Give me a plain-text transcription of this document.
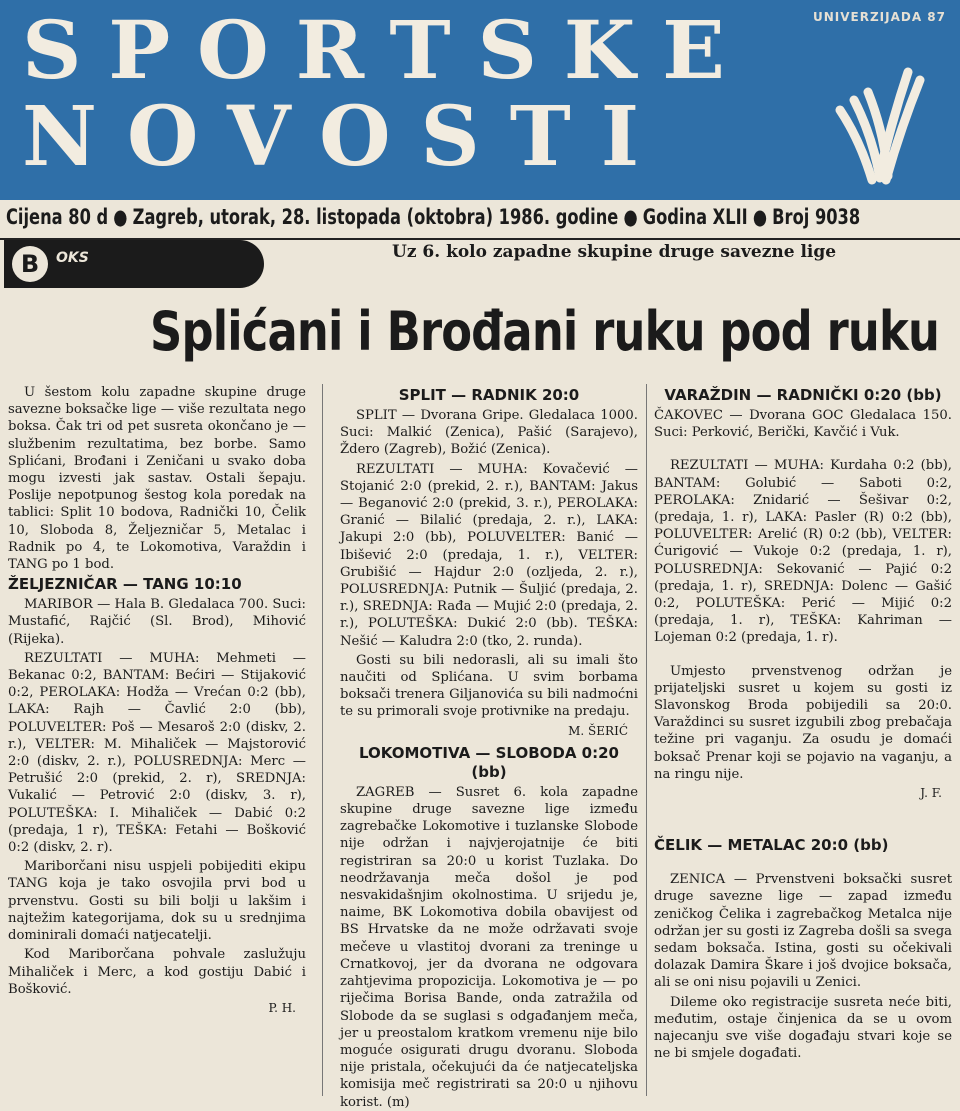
SPORTSKE
NOVOSTI
UNIVERZIJADA 87
Cijena 80 d ● Zagreb, utorak, 28. listopada (oktobra) 1986. godine ● Godina XLII ● Broj 9038
B	OKS	Uz 6. kolo zapadne skupine druge savezne lige
Splićani i Brođani ruku pod ruku

U šestom kolu zapadne skupine druge savezne boksačke lige — više rezultata nego boksa. Čak tri od pet susreta okončano je — službenim rezultatima, bez borbe. Samo Splićani, Brođani i Zeničani u svako doba mogu izvesti jak sastav. Ostali šepaju. Poslije nepotpunog šestog kola poredak na tablici: Split 10 bodova, Radnički 10, Čelik 10, Sloboda 8, Željezničar 5, Metalac i Radnik po 4, te Lokomotiva, Varaždin i TANG po 1 bod.

ŽELJEZNIČAR — TANG 10:10

MARIBOR — Hala B. Gledalaca 700. Suci: Mustafić, Rajčić (Sl. Brod), Mihović (Rijeka).

REZULTATI — MUHA: Mehmeti — Bekanac 0:2, BANTAM: Bećiri — Stijaković 0:2, PEROLAKA: Hodža — Vrećan 0:2 (bb), LAKA: Rajh — Čavlić 2:0 (bb), POLUVELTER: Poš — Mesaroš 2:0 (diskv, 2. r.), VELTER: M. Mihaliček — Majstorović 2:0 (diskv, 2. r.), POLUSREDNJA: Merc — Petrušić 2:0 (prekid, 2. r), SREDNJA: Vukalić — Petrović 2:0 (diskv, 3. r), POLUTEŠKA: I. Mihaliček — Dabić 0:2 (predaja, 1 r), TEŠKA: Fetahi — Bošković 0:2 (diskv, 2. r).

Mariborčani nisu uspjeli pobijediti ekipu TANG koja je tako osvojila prvi bod u prvenstvu. Gosti su bili bolji u lakšim i najtežim kategorijama, dok su u srednjima dominirali domaći natjecatelji.

Kod Mariborčana pohvale zaslužuju Mihaliček i Merc, a kod gostiju Dabić i Bošković.

P. H.
SPLIT — RADNIK 20:0

SPLIT — Dvorana Gripe. Gledalaca 1000. Suci: Malkić (Zenica), Pašić (Sarajevo), Ždero (Zagreb), Božić (Zenica).

REZULTATI — MUHA: Kovačević — Stojanić 2:0 (prekid, 2. r.), BANTAM: Jakus — Beganović 2:0 (prekid, 3. r.), PEROLAKA: Granić — Bilalić (predaja, 2. r.), LAKA: Jakupi 2:0 (bb), POLUVELTER: Banić — Ibišević 2:0 (predaja, 1. r.), VELTER: Grubišić — Hajdur 2:0 (ozljeda, 2. r.), POLUSREDNJA: Putnik — Šuljić (predaja, 2. r.), SREDNJA: Rađa — Mujić 2:0 (predaja, 2. r.), POLUTEŠKA: Dukić 2:0 (bb). TEŠKA: Nešić — Kaludra 2:0 (tko, 2. runda).

Gosti su bili nedorasli, ali su imali što naučiti od Splićana. U svim borbama boksači trenera Giljanovića su bili nadmoćni te su primorali svoje protivnike na predaju.

M. ŠERIĆ
LOKOMOTIVA — SLOBODA 0:20 (bb)

ZAGREB — Susret 6. kola zapadne skupine druge savezne lige između zagrebačke Lokomotive i tuzlanske Slobode nije održan i najvjerojatnije će biti registriran sa 20:0 u korist Tuzlaka. Do neodržavanja meča došol je pod nesvakidašnjim okolnostima. U srijedu je, naime, BK Lokomotiva dobila obavijest od BS Hrvatske da ne može održavati svoje mečeve u vlastitoj dvorani za treninge u Crnatkovoj, jer da dvorana ne odgovara zahtjevima propozicija. Lokomotiva je — po riječima Borisa Bande, onda zatražila od Slobode da se suglasi s odgađanjem meča, jer u preostalom kratkom vremenu nije bilo moguće osigurati drugu dvoranu. Sloboda nije pristala, očekujući da će natjecateljska komisija meč registrirati sa 20:0 u njihovu korist. (m)

VARAŽDIN — RADNIČKI 0:20 (bb)

ČAKOVEC — Dvorana GOC Gledalaca 150. Suci: Perković, Berički, Kavčić i Vuk.

REZULTATI — MUHA: Kurdaha 0:2 (bb), BANTAM: Golubić — Saboti 0:2, PEROLAKA: Znidarić — Šešivar 0:2, (predaja, 1. r), LAKA: Pasler (R) 0:2 (bb), POLUVELTER: Arelić (R) 0:2 (bb), VELTER: Ćurigović — Vukoje 0:2 (predaja, 1. r), POLUSREDNJA: Sekovanić — Pajić 0:2 (predaja, 1. r), SREDNJA: Dolenc — Gašić 0:2, POLUTEŠKA: Perić — Mijić 0:2 (predaja, 1. r), TEŠKA: Kahriman — Lojeman 0:2 (predaja, 1. r).

Umjesto prvenstvenog održan je prijateljski susret u kojem su gosti iz Slavonskog Broda pobijedili sa 20:0. Varaždinci su susret izgubili zbog prebačaja težine pri vaganju. Za osudu je domaći boksač Prenar koji se pojavio na vaganju, a na ringu nije.

J. F.
ČELIK — METALAC 20:0 (bb)

ZENICA — Prvenstveni boksački susret druge savezne lige — zapad između zeničkog Čelika i zagrebačkog Metalca nije održan jer su gosti iz Zagreba došli sa svega sedam boksača. Istina, gosti su očekivali dolazak Damira Škare i još dvojice boksača, ali se oni nisu pojavili u Zenici.

Dileme oko registracije susreta neće biti, međutim, ostaje činjenica da se u ovom najecanju sve više događaju stvari koje se ne bi smjele događati.
